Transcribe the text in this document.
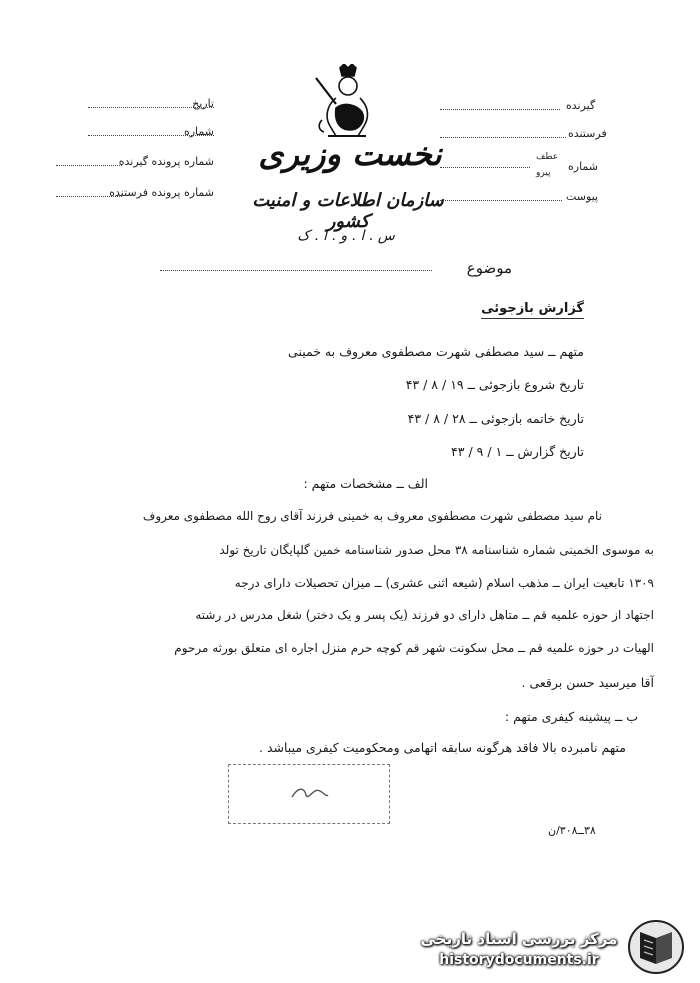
تاریخ
شماره
شماره پرونده گیرنده
شماره پرونده فرستنده
نخست وزیری
سازمان اطلاعات و امنیت کشور
س . ا . و . ا . ک
گیرنده
فرستنده
عطف
پیرو شماره
پیوست
موضوع
گزارش بازجوئی
متهم ــ سید مصطفی شهرت مصطفوی معروف به خمینی
تاریخ شروع بازجوئی ــ ۱۹ / ۸ / ۴۳
تاریخ خاتمه بازجوئی ــ ۲۸ / ۸ / ۴۳
تاریخ گزارش ــ ۱ / ۹ / ۴۳
الف ــ مشخصات متهم :
نام سید مصطفی شهرت مصطفوی معروف به خمینی فرزند آقای روح الله مصطفوی معروف
به موسوی الخمینی شماره شناسنامه ۳۸ محل صدور شناسنامه خمین گلپایگان تاریخ تولد
۱۳۰۹ تابعیت ایران ــ مذهب اسلام (شیعه اثنی عشری) ــ میزان تحصیلات دارای درجه
اجتهاد از حوزه علمیه قم ــ متاهل دارای دو فرزند (یک پسر و یک دختر) شغل مدرس در رشته
الهیات در حوزه علمیه قم ــ محل سکونت شهر قم کوچه حرم منزل اجاره ای متعلق بورثه مرحوم
آقا میرسید حسن برقعی .
ب ــ پیشینه کیفری متهم :
متهم نامبرده بالا فاقد هرگونه سابقه اتهامی ومحکومیت کیفری میباشد .
۳۸ــ۳۰۸/ن
مرکز بررسی اسناد تاریخی
historydocuments.ir
